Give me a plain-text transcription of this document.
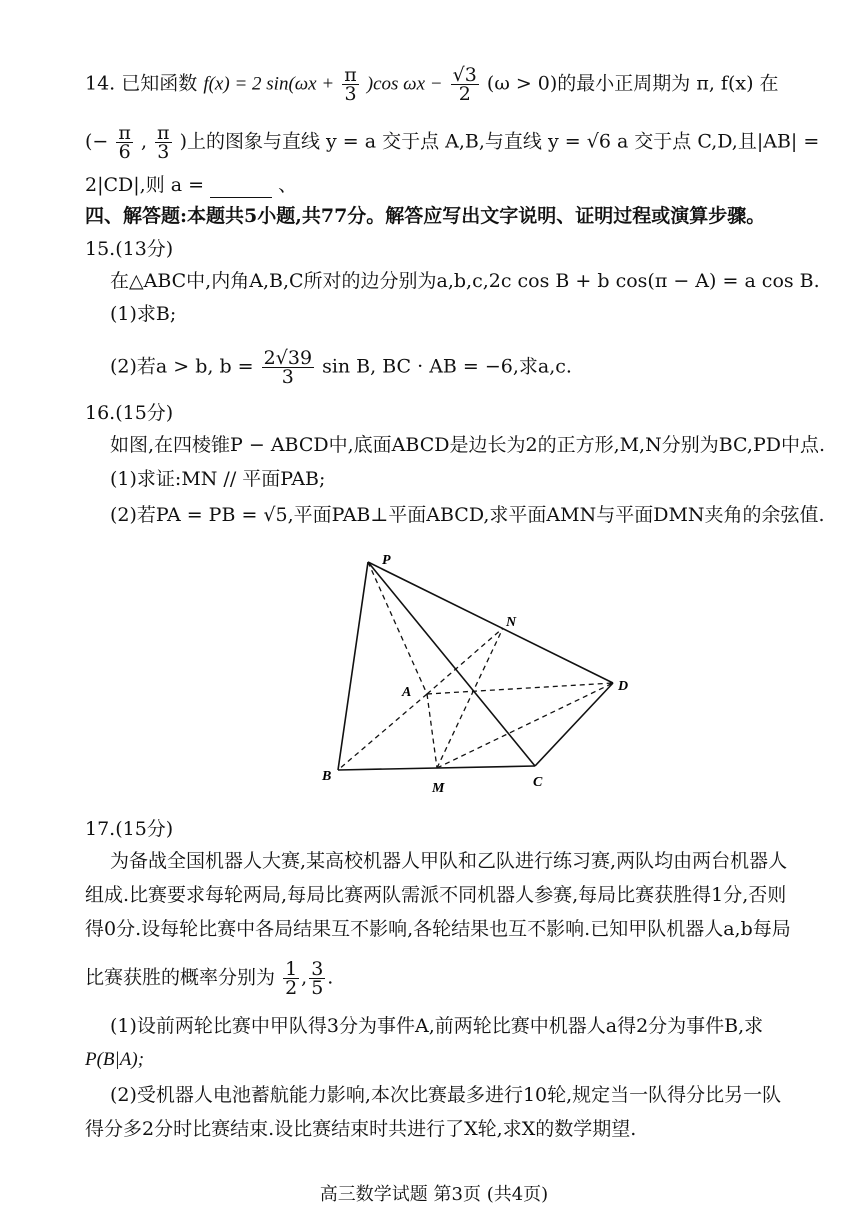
14. 已知函数 f(x) = 2 $\sin(\omega x + \frac{\pi}{3} )\cos$ $\omega x - \frac{√3}{2} (\omega > 0)$的最小正周期为 π, f(x) 在
(− $\frac{\pi}{6}$ , $\frac{\pi}{3}$ )上的图象与直线 y = a 交于点 A,B,与直线 y = √6 a 交于点 C,D,且|AB| =
2|CD|,则 a =	、
四、解答题:本题共5小题,共77分。解答应写出文字说明、证明过程或演算步骤。
15.(13分)
在△ABC中,内角A,B,C所对的边分别为a,b,c,2c cos B + b cos(π − A) = a cos B.
(1)求B;
(2)若a > b, $b = \frac{2√39}{3}$ sin B, BC · AB = −6,求a,c.
16.(15分)
如图,在四棱锥P − ABCD中,底面ABCD是边长为2的正方形,M,N分别为BC,PD中点.
(1)求证:MN // 平面PAB;
(2)若PA = PB = √5,平面PAB⊥平面ABCD,求平面AMN与平面DMN夹角的余弦值.
P
N
A	D
B	C
M
17.(15分)
为备战全国机器人大赛,某高校机器人甲队和乙队进行练习赛,两队均由两台机器人
组成.比赛要求每轮两局,每局比赛两队需派不同机器人参赛,每局比赛获胜得1分,否则
得0分.设每轮比赛中各局结果互不影响,各轮结果也互不影响.已知甲队机器人a,b每局
比赛获胜的概率分别为 $\frac{1}{2}$ , $\frac{3}{5}$ .
(1)设前两轮比赛中甲队得3分为事件A,前两轮比赛中机器人a得2分为事件B,求
P(B|A);
(2)受机器人电池蓄航能力影响,本次比赛最多进行10轮,规定当一队得分比另一队
得分多2分时比赛结束.设比赛结束时共进行了X轮,求X的数学期望.
高三数学试题 第3页 (共4页)
